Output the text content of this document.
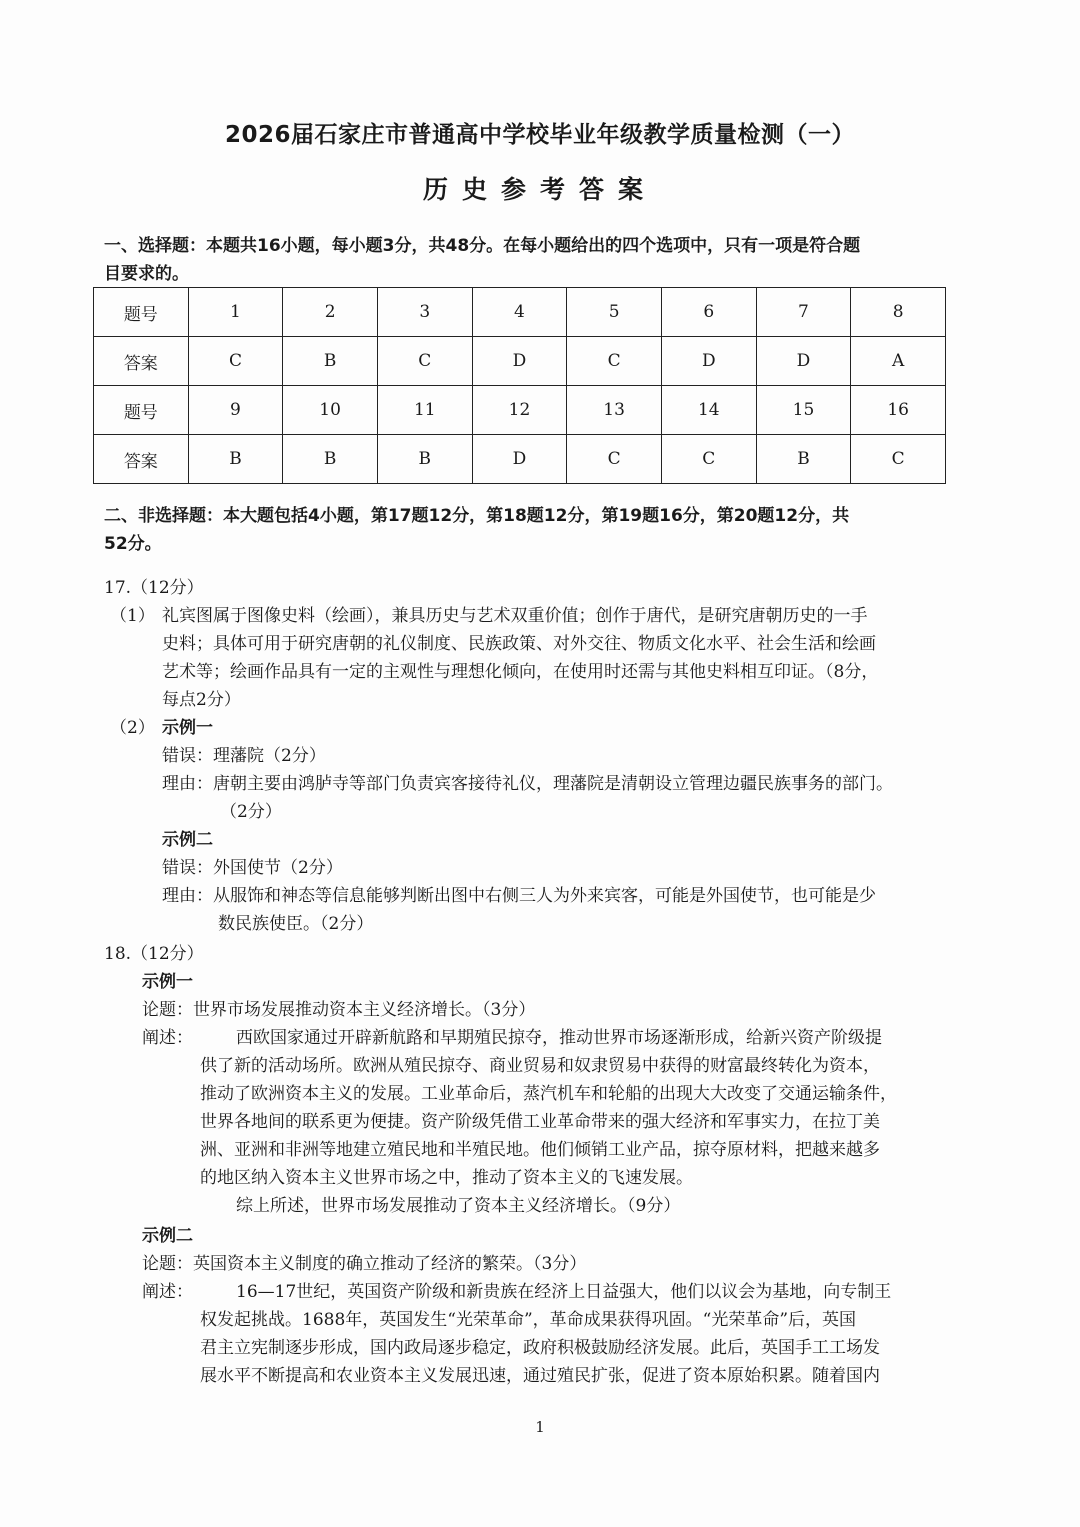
2026届石家庄市普通高中学校毕业年级教学质量检测（一）
历史参考答案
一、选择题：本题共16小题，每小题3分，共48分。在每小题给出的四个选项中，只有一项是符合题
目要求的。
题号	1	2	3	4	5	6	7	8
答案	C	B	C	D	C	D	D	A
题号	9	10	11	12	13	14	15	16
答案	B	B	B	D	C	C	B	C
二、非选择题：本大题包括4小题，第17题12分，第18题12分，第19题16分，第20题12分，共
52分。
17.（12分）
（1） 礼宾图属于图像史料（绘画），兼具历史与艺术双重价值；创作于唐代，是研究唐朝历史的一手
史料；具体可用于研究唐朝的礼仪制度、民族政策、对外交往、物质文化水平、社会生活和绘画
艺术等；绘画作品具有一定的主观性与理想化倾向，在使用时还需与其他史料相互印证。（8分，
每点2分）
（2） 示例一
错误：理藩院（2分）
理由：唐朝主要由鸿胪寺等部门负责宾客接待礼仪，理藩院是清朝设立管理边疆民族事务的部门。
（2分）
示例二
错误：外国使节（2分）
理由：从服饰和神态等信息能够判断出图中右侧三人为外来宾客，可能是外国使节，也可能是少
数民族使臣。（2分）
18.（12分）
示例一
论题：世界市场发展推动资本主义经济增长。（3分）
阐述：	西欧国家通过开辟新航路和早期殖民掠夺，推动世界市场逐渐形成，给新兴资产阶级提
供了新的活动场所。欧洲从殖民掠夺、商业贸易和奴隶贸易中获得的财富最终转化为资本，
推动了欧洲资本主义的发展。工业革命后，蒸汽机车和轮船的出现大大改变了交通运输条件，
世界各地间的联系更为便捷。资产阶级凭借工业革命带来的强大经济和军事实力，在拉丁美
洲、亚洲和非洲等地建立殖民地和半殖民地。他们倾销工业产品，掠夺原材料，把越来越多
的地区纳入资本主义世界市场之中，推动了资本主义的飞速发展。
综上所述，世界市场发展推动了资本主义经济增长。（9分）
示例二
论题：英国资本主义制度的确立推动了经济的繁荣。（3分）
阐述：	16—17世纪，英国资产阶级和新贵族在经济上日益强大，他们以议会为基地，向专制王
权发起挑战。1688年，英国发生“光荣革命”，革命成果获得巩固。“光荣革命”后，英国
君主立宪制逐步形成，国内政局逐步稳定，政府积极鼓励经济发展。此后，英国手工工场发
展水平不断提高和农业资本主义发展迅速，通过殖民扩张，促进了资本原始积累。随着国内
1
